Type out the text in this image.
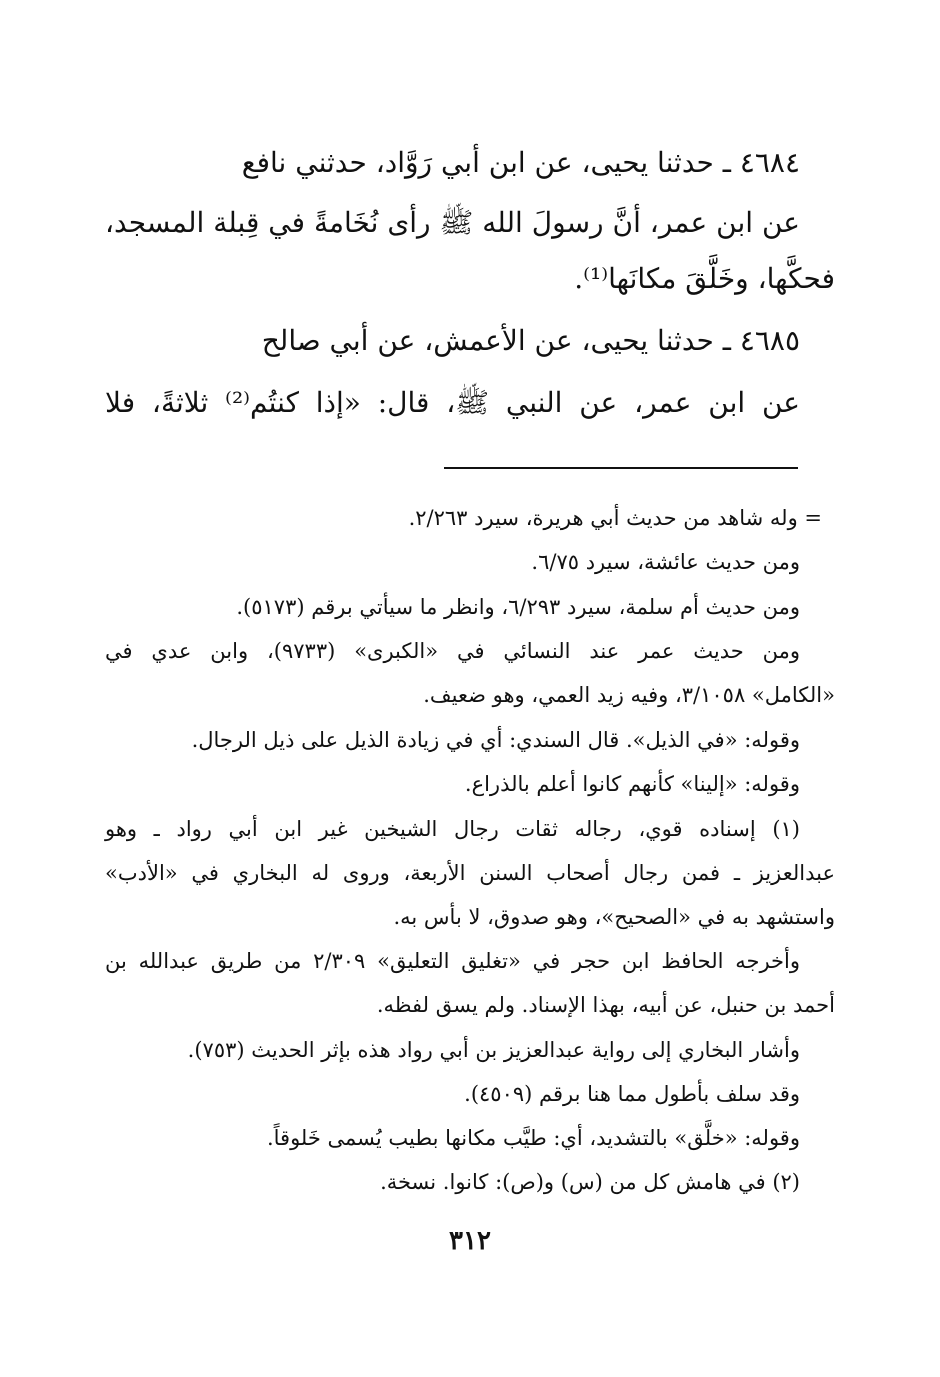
٤٦٨٤ ـ حدثنا يحيى، عن ابن أبي رَوَّاد، حدثني نافع
عن ابن عمر، أنَّ رسولَ الله ﷺ رأى نُخَامةً في قِبلة المسجد،
فحكَّها، وخَلَّقَ مكانَها⁽¹⁾.
٤٦٨٥ ـ حدثنا يحيى، عن الأعمش، عن أبي صالح
عن ابن عمر، عن النبي ﷺ، قال: «إذا كنتُم⁽²⁾ ثلاثةً، فلا
= وله شاهد من حديث أبي هريرة، سيرد ٢/٢٦٣.
ومن حديث عائشة، سيرد ٦/٧٥.
ومن حديث أم سلمة، سيرد ٦/٢٩٣، وانظر ما سيأتي برقم (٥١٧٣).
ومن حديث عمر عند النسائي في «الكبرى» (٩٧٣٣)، وابن عدي في
«الكامل» ٣/١٠٥٨، وفيه زيد العمي، وهو ضعيف.
وقوله: «في الذيل». قال السندي: أي في زيادة الذيل على ذيل الرجال.
وقوله: «إلينا» كأنهم كانوا أعلم بالذراع.
(١) إسناده قوي، رجاله ثقات رجال الشيخين غير ابن أبي رواد ـ وهو
عبدالعزيز ـ فمن رجال أصحاب السنن الأربعة، وروى له البخاري في «الأدب»
واستشهد به في «الصحيح»، وهو صدوق، لا بأس به.
وأخرجه الحافظ ابن حجر في «تغليق التعليق» ٢/٣٠٩ من طريق عبدالله بن
أحمد بن حنبل، عن أبيه، بهذا الإسناد. ولم يسق لفظه.
وأشار البخاري إلى رواية عبدالعزيز بن أبي رواد هذه بإثر الحديث (٧٥٣).
وقد سلف بأطول مما هنا برقم (٤٥٠٩).
وقوله: «خلَّق» بالتشديد، أي: طيَّب مكانها بطيب يُسمى خَلوقاً.
(٢) في هامش كل من (س) و(ص): كانوا. نسخة.
٣١٢
